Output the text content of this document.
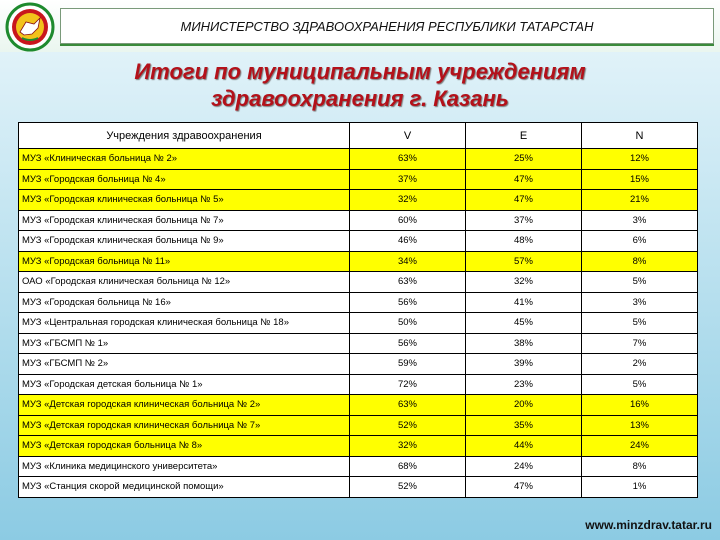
МИНИСТЕРСТВО ЗДРАВООХРАНЕНИЯ РЕСПУБЛИКИ ТАТАРСТАН
Итоги по муниципальным учреждениям
здравоохранения г. Казань
Учреждения здравоохранения	V	E	N
МУЗ «Клиническая больница № 2»	63%	25%	12%
МУЗ «Городская больница № 4»	37%	47%	15%
МУЗ «Городская клиническая больница № 5»	32%	47%	21%
МУЗ «Городская клиническая больница № 7»	60%	37%	3%
МУЗ «Городская клиническая больница № 9»	46%	48%	6%
МУЗ «Городская больница № 11»	34%	57%	8%
ОАО «Городская клиническая больница № 12»	63%	32%	5%
МУЗ «Городская больница № 16»	56%	41%	3%
МУЗ «Центральная городская клиническая больница № 18»	50%	45%	5%
МУЗ «ГБСМП № 1»	56%	38%	7%
МУЗ «ГБСМП № 2»	59%	39%	2%
МУЗ «Городская детская больница № 1»	72%	23%	5%
МУЗ «Детская городская клиническая больница № 2»	63%	20%	16%
МУЗ «Детская городская клиническая больница № 7»	52%	35%	13%
МУЗ «Детская городская больница № 8»	32%	44%	24%
МУЗ «Клиника медицинского университета»	68%	24%	8%
МУЗ «Станция скорой медицинской помощи»	52%	47%	1%
www.minzdrav.tatar.ru
